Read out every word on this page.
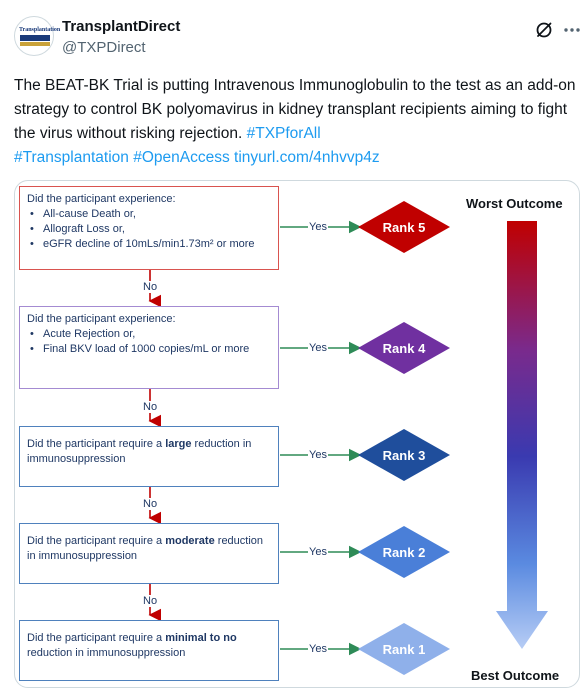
Transplantation TransplantDirect
@TXPDirect
The BEAT-BK Trial is putting Intravenous Immunoglobulin to the test as an add-on strategy to control BK polyomavirus in kidney transplant recipients aiming to fight the virus without risking rejection. #TXPforAll
#Transplantation #OpenAccess tinyurl.com/4nhvvp4z
Did the participant experience:
• All-cause Death or,
• Allograft Loss or,
• eGFR decline of 10mLs/min1.73m² or more
Did the participant experience:
• Acute Rejection or,
• Final BKV load of 1000 copies/mL or more
Did the participant require a large reduction in immunosuppression
Did the participant require a moderate reduction in immunosuppression
Did the participant require a minimal to no reduction in immunosuppression
Yes
Yes
Yes
Yes
Yes
No
No
No
No
Rank 5
Rank 4
Rank 3
Rank 2
Rank 1
Worst Outcome
Best Outcome
